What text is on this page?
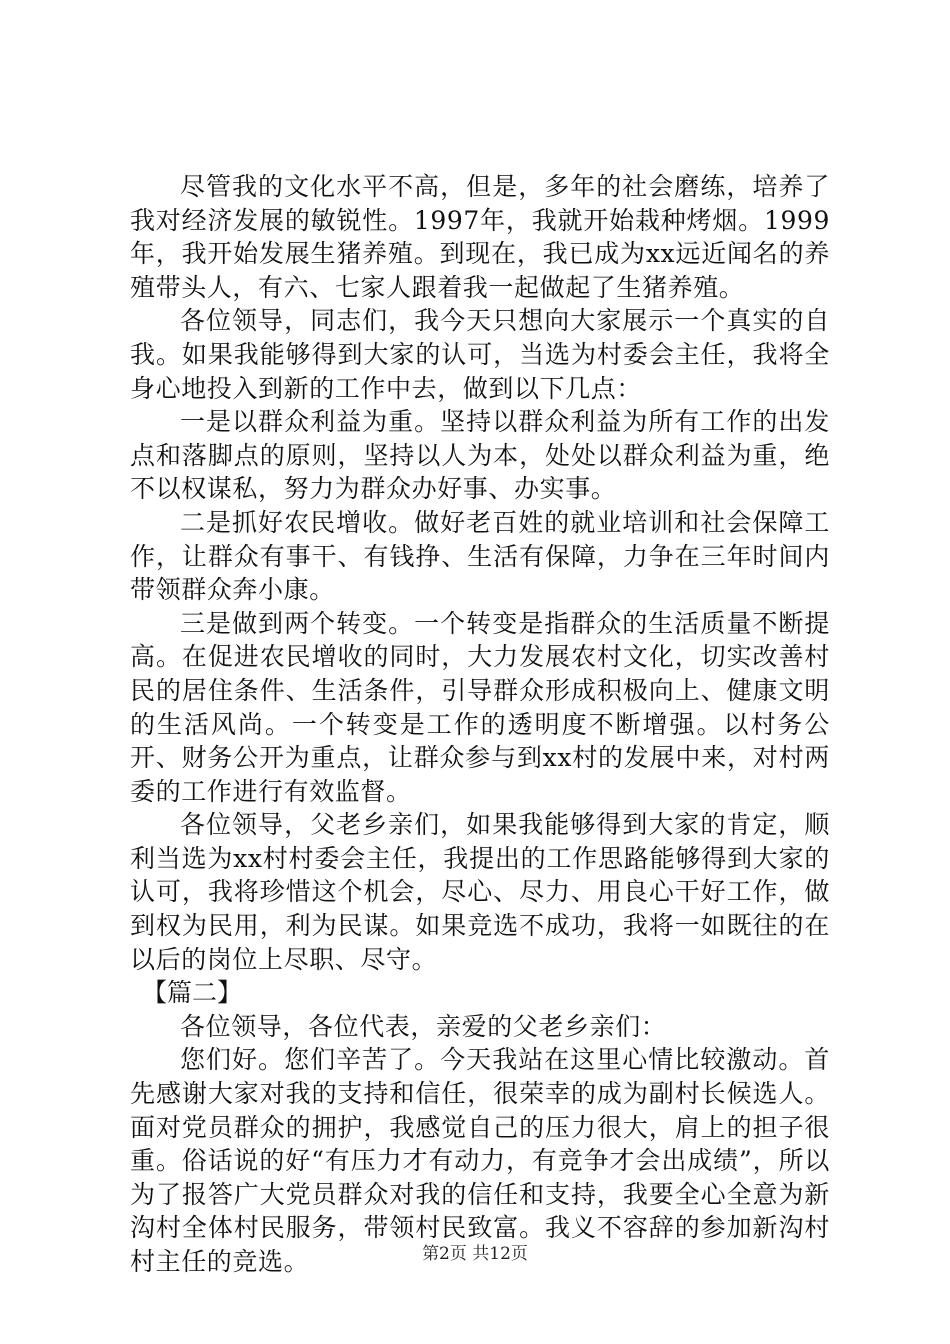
尽管我的文化水平不高，但是，多年的社会磨练，培养了我对经济发展的敏锐性。1997年，我就开始栽种烤烟。1999年，我开始发展生猪养殖。到现在，我已成为xx远近闻名的养殖带头人，有六、七家人跟着我一起做起了生猪养殖。

各位领导，同志们，我今天只想向大家展示一个真实的自我。如果我能够得到大家的认可，当选为村委会主任，我将全身心地投入到新的工作中去，做到以下几点：

一是以群众利益为重。坚持以群众利益为所有工作的出发点和落脚点的原则，坚持以人为本，处处以群众利益为重，绝不以权谋私，努力为群众办好事、办实事。

二是抓好农民增收。做好老百姓的就业培训和社会保障工作，让群众有事干、有钱挣、生活有保障，力争在三年时间内带领群众奔小康。

三是做到两个转变。一个转变是指群众的生活质量不断提高。在促进农民增收的同时，大力发展农村文化，切实改善村民的居住条件、生活条件，引导群众形成积极向上、健康文明的生活风尚。一个转变是工作的透明度不断增强。以村务公开、财务公开为重点，让群众参与到xx村的发展中来，对村两委的工作进行有效监督。

各位领导，父老乡亲们，如果我能够得到大家的肯定，顺利当选为xx村村委会主任，我提出的工作思路能够得到大家的认可，我将珍惜这个机会，尽心、尽力、用良心干好工作，做到权为民用，利为民谋。如果竞选不成功，我将一如既往的在以后的岗位上尽职、尽守。

【篇二】

各位领导，各位代表，亲爱的父老乡亲们：

您们好。您们辛苦了。今天我站在这里心情比较激动。首先感谢大家对我的支持和信任，很荣幸的成为副村长候选人。面对党员群众的拥护，我感觉自己的压力很大，肩上的担子很重。俗话说的好“有压力才有动力，有竞争才会出成绩”，所以为了报答广大党员群众对我的信任和支持，我要全心全意为新沟村全体村民服务，带领村民致富。我义不容辞的参加新沟村村主任的竞选。	第2页 共12页
